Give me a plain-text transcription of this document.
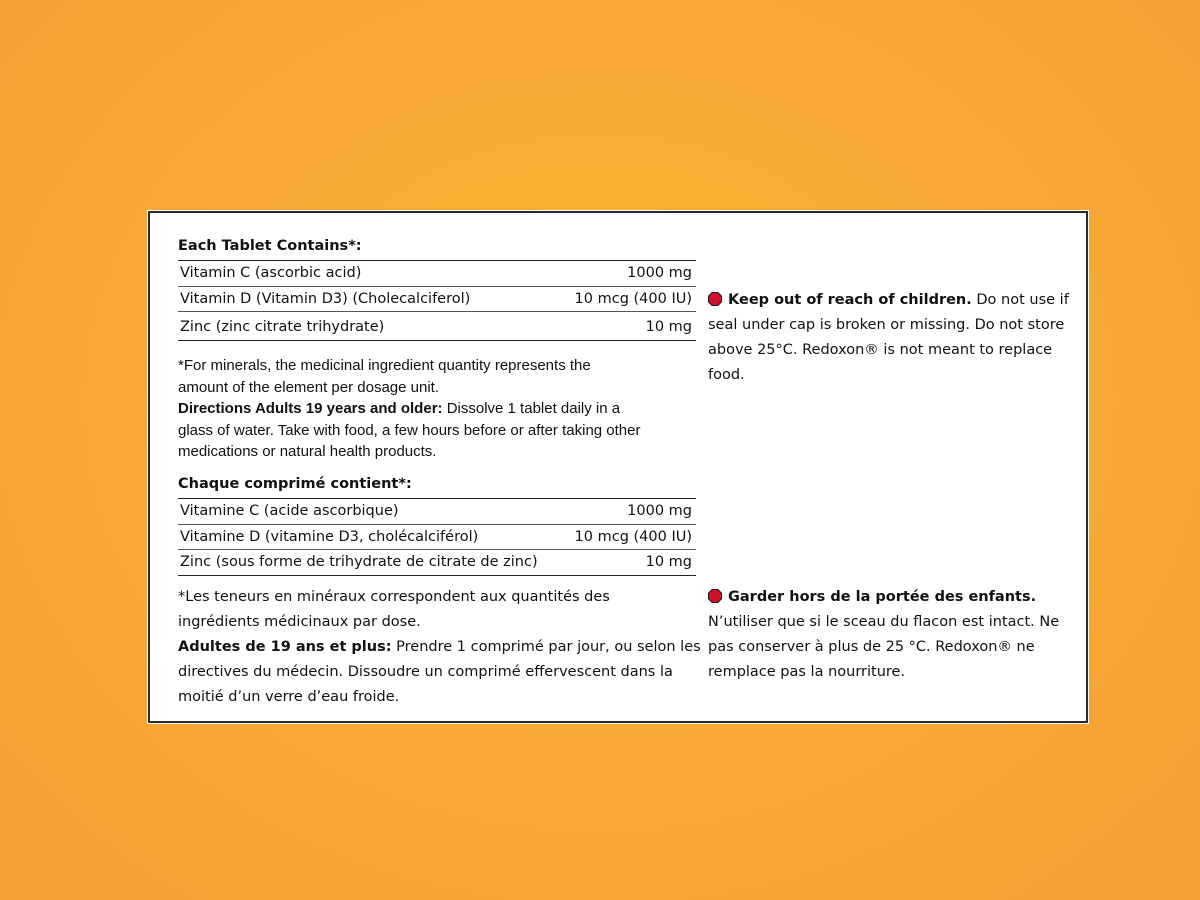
Each Tablet Contains*:
Vitamin C (ascorbic acid)	1000 mg
Vitamin D (Vitamin D3) (Cholecalciferol)	10 mcg (400 IU)
Zinc (zinc citrate trihydrate)	10 mg
*For minerals, the medicinal ingredient quantity represents the
amount of the element per dosage unit.
Directions Adults 19 years and older: Dissolve 1 tablet daily in a
glass of water. Take with food, a few hours before or after taking other
medications or natural health products.
Chaque comprimé contient*:
Vitamine C (acide ascorbique)	1000 mg
Vitamine D (vitamine D3, cholécalciférol)	10 mcg (400 IU)
Zinc (sous forme de trihydrate de citrate de zinc)	10 mg
*Les teneurs en minéraux correspondent aux quantités des
ingrédients médicinaux par dose.
Adultes de 19 ans et plus: Prendre 1 comprimé par jour, ou selon les
directives du médecin. Dissoudre un comprimé effervescent dans la
moitié d’un verre d’eau froide.
Keep out of reach of children. Do not use if
seal under cap is broken or missing. Do not store
above 25°C. Redoxon® is not meant to replace
food.
Garder hors de la portée des enfants.
N’utiliser que si le sceau du flacon est intact. Ne
pas conserver à plus de 25 °C. Redoxon® ne
remplace pas la nourriture.
